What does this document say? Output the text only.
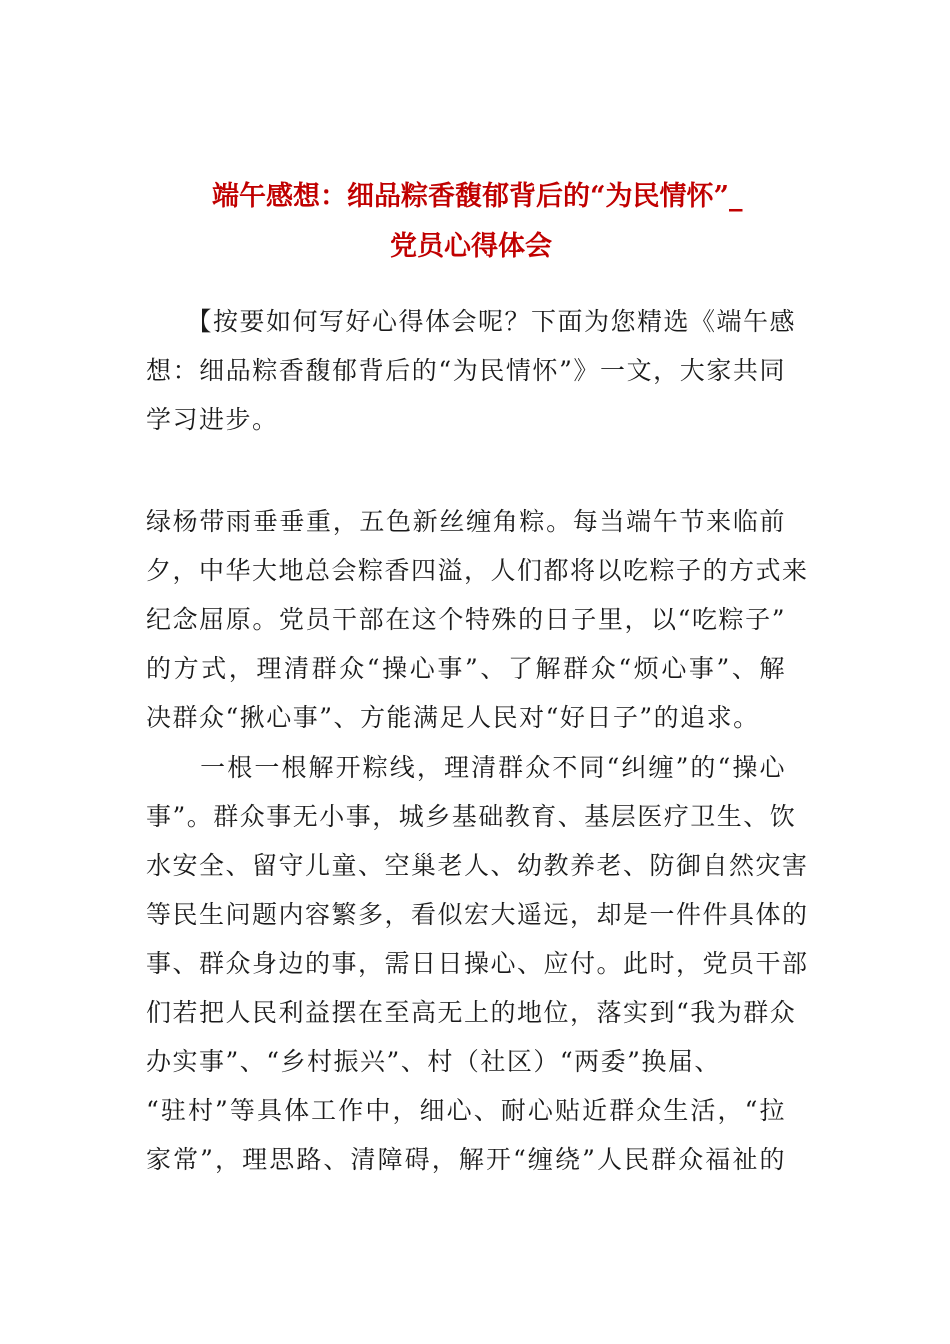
端午感想：细品粽香馥郁背后的“为民情怀”_
党员心得体会
　　【按要如何写好心得体会呢？下面为您精选《端午感
想：细品粽香馥郁背后的“为民情怀”》一文，大家共同
学习进步。
绿杨带雨垂垂重，五色新丝缠角粽。每当端午节来临前
夕，中华大地总会粽香四溢，人们都将以吃粽子的方式来
纪念屈原。党员干部在这个特殊的日子里，以“吃粽子”
的方式，理清群众“操心事”、了解群众“烦心事”、解
决群众“揪心事”、方能满足人民对“好日子”的追求。
　　一根一根解开粽线，理清群众不同“纠缠”的“操心
事”。群众事无小事，城乡基础教育、基层医疗卫生、饮
水安全、留守儿童、空巢老人、幼教养老、防御自然灾害
等民生问题内容繁多，看似宏大遥远，却是一件件具体的
事、群众身边的事，需日日操心、应付。此时，党员干部
们若把人民利益摆在至高无上的地位，落实到“我为群众
办实事”、“乡村振兴”、村（社区）“两委”换届、
“驻村”等具体工作中，细心、耐心贴近群众生活，“拉
家常”，理思路、清障碍，解开“缠绕”人民群众福祉的
